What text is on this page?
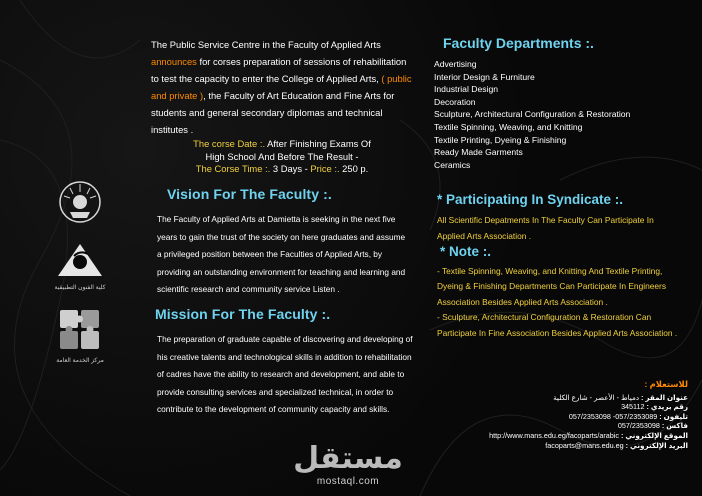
كلية الفنون التطبيقية
مركز الخدمة العامة
The Public Service Centre in the Faculty of Applied Arts announces for corses preparation of sessions of rehabilitation to test the capacity to enter the College of Applied Arts, ( public and private ), the Faculty of Art Education and Fine Arts for students and general secondary diplomas and technical institutes .
The corse Date :. After Finishing Exams Of
High School And Before The Result -
The Corse Time :. 3 Days - Price :. 250 p.
Vision For The Faculty :.
The Faculty of Applied Arts at Damietta is seeking in the next five years to gain the trust of the society on here graduates and assume a privileged position between the Faculties of Applied Arts, by providing an outstanding environment for teaching and learning and scientific research and community service Listen .
Mission For The Faculty :.
The preparation of graduate capable of discovering and developing of his creative talents and technological skills in addition to rehabilitation of cadres have the ability to research and development, and able to provide consulting services and specialized technical, in order to contribute to the development of community capacity and skills.
Faculty Departments :.
Advertising
Interior Design & Furniture
Industrial Design
Decoration
Sculpture, Architectural Configuration & Restoration
Textile Spinning, Weaving, and Knitting
Textile Printing, Dyeing & Finishing
Ready Made Garments
Ceramics
* Participating In Syndicate :.
All Scientific Depatments In The Faculty Can Participate In Applied Arts Association .
* Note :.

- Textile Spinning, Weaving, and Knitting And Textile Printing, Dyeing & Finishing Departments Can Participate In Engineers Association Besides Applied Arts Association .

- Sculpture, Architectural Configuration & Restoration Can Participate In Fine Association Besides Applied Arts Association .

للاستعلام :
عنوان المقر : دمياط - الأعصر - شارع الكلية
رقم بريدي : 345112
تليفون : 057/2353089- 057/2353098
فاكس : 057/2353098
الموقع الإلكتروني : http://www.mans.edu.eg/facoparts/arabic
البريد الإلكتروني : facoparts@mans.edu.eg
مستقل
mostaql.com
